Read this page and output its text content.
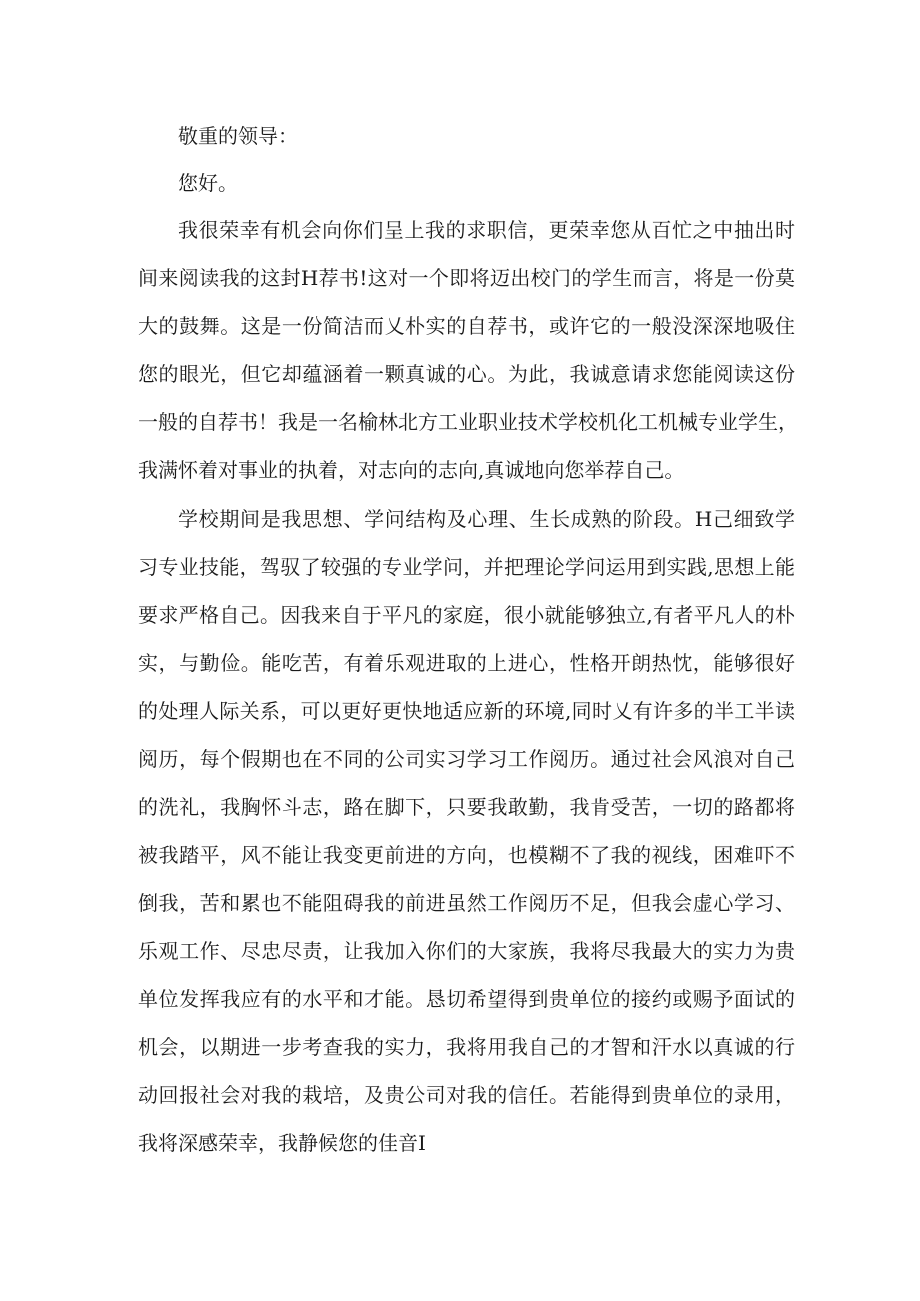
敬重的领导：
您好。
我很荣幸有机会向你们呈上我的求职信，更荣幸您从百忙之中抽出时
间来阅读我的这封H荐书!这对一个即将迈出校门的学生而言，将是一份莫
大的鼓舞。这是一份简洁而乂朴实的自荐书，或许它的一般没深深地吸住
您的眼光，但它却蕴涵着一颗真诚的心。为此，我诚意请求您能阅读这份
一般的自荐书！我是一名榆林北方工业职业技术学校机化工机械专业学生，
我满怀着对事业的执着，对志向的志向,真诚地向您举荐自己。
学校期间是我思想、学问结构及心理、生长成熟的阶段。H己细致学
习专业技能，驾驭了较强的专业学问，并把理论学问运用到实践,思想上能
要求严格自己。因我来自于平凡的家庭，很小就能够独立,有者平凡人的朴
实，与勤俭。能吃苦，有着乐观进取的上进心，性格开朗热忱，能够很好
的处理人际关系，可以更好更快地适应新的环境,同时乂有许多的半工半读
阅历，每个假期也在不同的公司实习学习工作阅历。通过社会风浪对自己
的洗礼，我胸怀斗志，路在脚下，只要我敢勤，我肯受苦，一切的路都将
被我踏平，风不能让我变更前进的方向，也模糊不了我的视线，困难吓不
倒我，苦和累也不能阻碍我的前进虽然工作阅历不足，但我会虚心学习、
乐观工作、尽忠尽责，让我加入你们的大家族，我将尽我最大的实力为贵
单位发挥我应有的水平和才能。恳切希望得到贵单位的接约或赐予面试的
机会，以期进一步考查我的实力，我将用我自己的才智和汗水以真诚的行
动回报社会对我的栽培，及贵公司对我的信任。若能得到贵单位的录用，
我将深感荣幸，我静候您的佳音I
